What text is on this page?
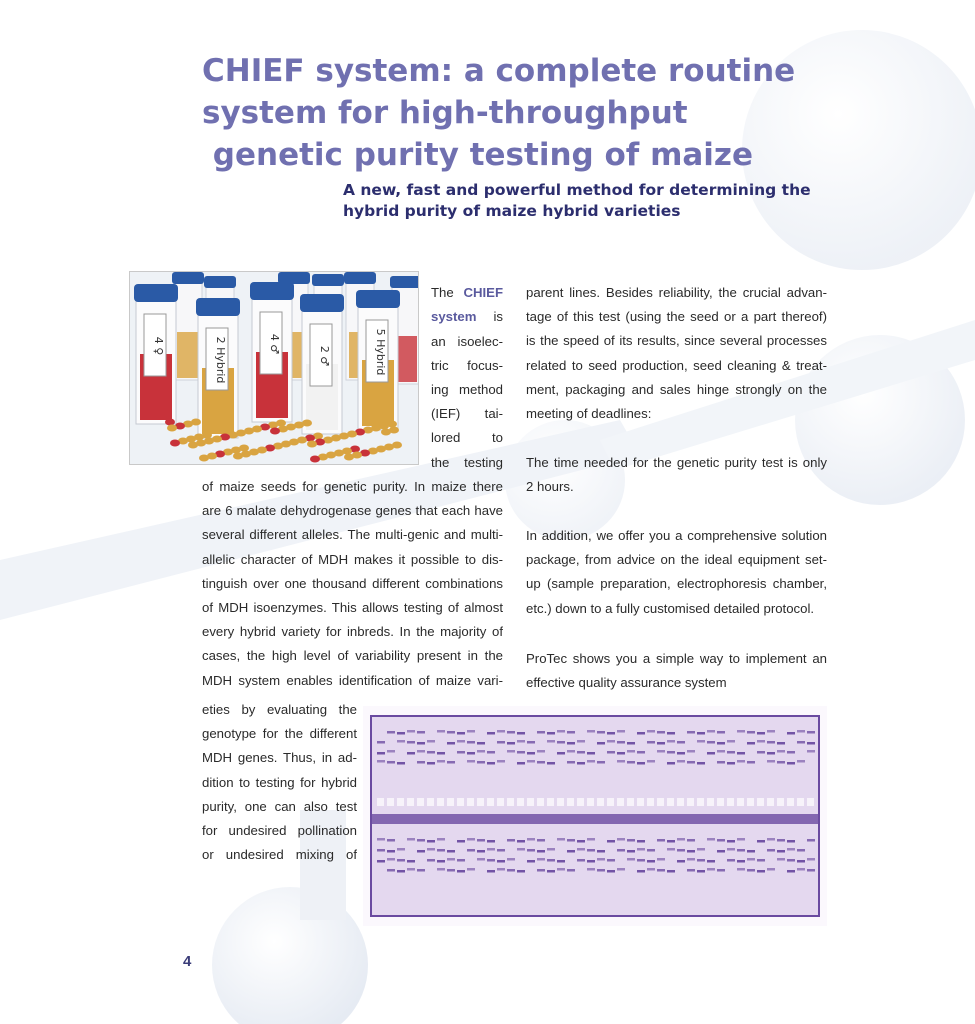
CHIEF system: a complete routine
system for high-throughput
genetic purity testing of maize
A new, fast and powerful method for determining the
hybrid purity of maize hybrid varieties
4 ♀	2 Hybrid	4 ♂
2 ♂	5 Hybrid
The CHIEF
system is
an isoelec-
tric focus-
ing method
(IEF) tai-
lored to
the testing
of maize seeds for genetic purity. In maize there
are 6 malate dehydrogenase genes that each have
several different alleles. The multi-genic and multi-
allelic character of MDH makes it possible to dis-
tinguish over one thousand different combinations
of MDH isoenzymes. This allows testing of almost
every hybrid variety for inbreds. In the majority of
cases, the high level of variability present in the
MDH system enables identification of maize vari-
eties by evaluating the
genotype for the different
MDH genes. Thus, in ad-
dition to testing for hybrid
purity, one can also test
for undesired pollination
or undesired mixing of
parent lines. Besides reliability, the crucial advan-
tage of this test (using the seed or a part thereof)
is the speed of its results, since several processes
related to seed production, seed cleaning & treat-
ment, packaging and sales hinge strongly on the
meeting of deadlines:
The time needed for the genetic purity test is only
2 hours.
In addition, we offer you a comprehensive solution
package, from advice on the ideal equipment set-
up (sample preparation, electrophoresis chamber,
etc.) down to a fully customised detailed protocol.
ProTec shows you a simple way to implement an
effective quality assurance system
4
